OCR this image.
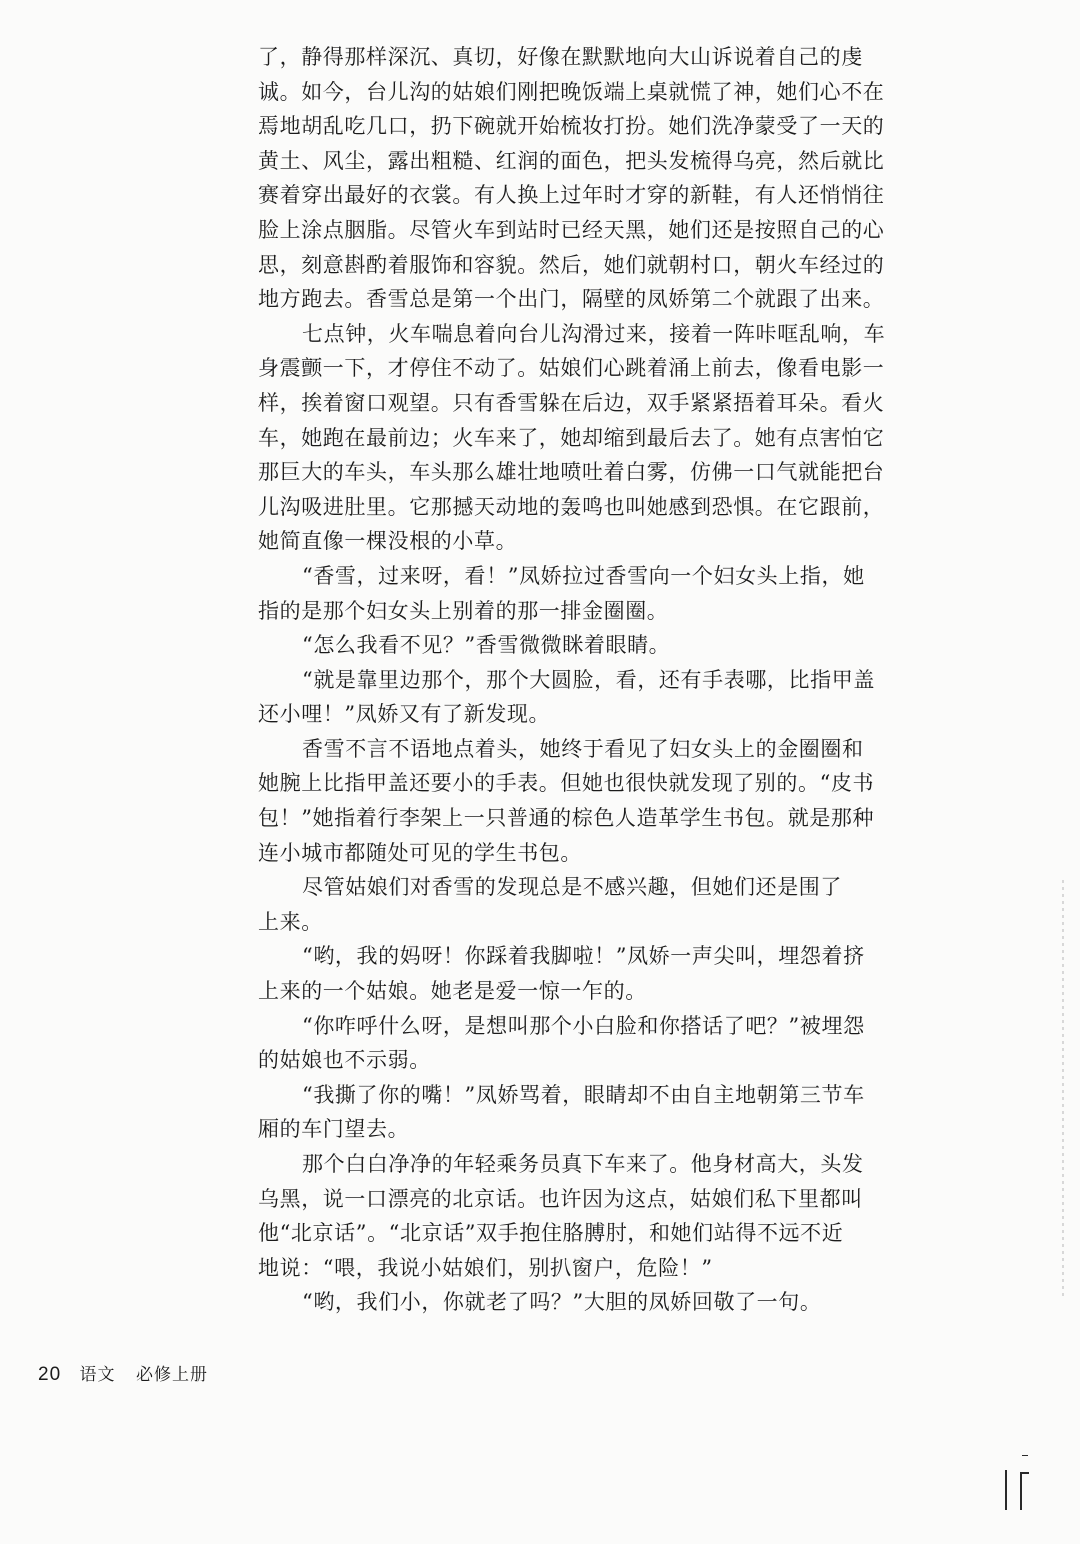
了，静得那样深沉、真切，好像在默默地向大山诉说着自己的虔
诚。如今，台儿沟的姑娘们刚把晚饭端上桌就慌了神，她们心不在
焉地胡乱吃几口，扔下碗就开始梳妆打扮。她们洗净蒙受了一天的
黄土、风尘，露出粗糙、红润的面色，把头发梳得乌亮，然后就比
赛着穿出最好的衣裳。有人换上过年时才穿的新鞋，有人还悄悄往
脸上涂点胭脂。尽管火车到站时已经天黑，她们还是按照自己的心
思，刻意斟酌着服饰和容貌。然后，她们就朝村口，朝火车经过的
地方跑去。香雪总是第一个出门，隔壁的凤娇第二个就跟了出来。
七点钟，火车喘息着向台儿沟滑过来，接着一阵咔哐乱响，车
身震颤一下，才停住不动了。姑娘们心跳着涌上前去，像看电影一
样，挨着窗口观望。只有香雪躲在后边，双手紧紧捂着耳朵。看火
车，她跑在最前边；火车来了，她却缩到最后去了。她有点害怕它
那巨大的车头，车头那么雄壮地喷吐着白雾，仿佛一口气就能把台
儿沟吸进肚里。它那撼天动地的轰鸣也叫她感到恐惧。在它跟前，
她简直像一棵没根的小草。
“香雪，过来呀，看！”凤娇拉过香雪向一个妇女头上指，她
指的是那个妇女头上别着的那一排金圈圈。
“怎么我看不见？”香雪微微眯着眼睛。
“就是靠里边那个，那个大圆脸，看，还有手表哪，比指甲盖
还小哩！”凤娇又有了新发现。
香雪不言不语地点着头，她终于看见了妇女头上的金圈圈和
她腕上比指甲盖还要小的手表。但她也很快就发现了别的。“皮书
包！”她指着行李架上一只普通的棕色人造革学生书包。就是那种
连小城市都随处可见的学生书包。
尽管姑娘们对香雪的发现总是不感兴趣，但她们还是围了
上来。
“哟，我的妈呀！你踩着我脚啦！”凤娇一声尖叫，埋怨着挤
上来的一个姑娘。她老是爱一惊一乍的。
“你咋呼什么呀，是想叫那个小白脸和你搭话了吧？”被埋怨
的姑娘也不示弱。
“我撕了你的嘴！”凤娇骂着，眼睛却不由自主地朝第三节车
厢的车门望去。
那个白白净净的年轻乘务员真下车来了。他身材高大，头发
乌黑，说一口漂亮的北京话。也许因为这点，姑娘们私下里都叫
他“北京话”。“北京话”双手抱住胳膊肘，和她们站得不远不近
地说：“喂，我说小姑娘们，别扒窗户，危险！”
“哟，我们小，你就老了吗？”大胆的凤娇回敬了一句。
20 语文 必修上册
